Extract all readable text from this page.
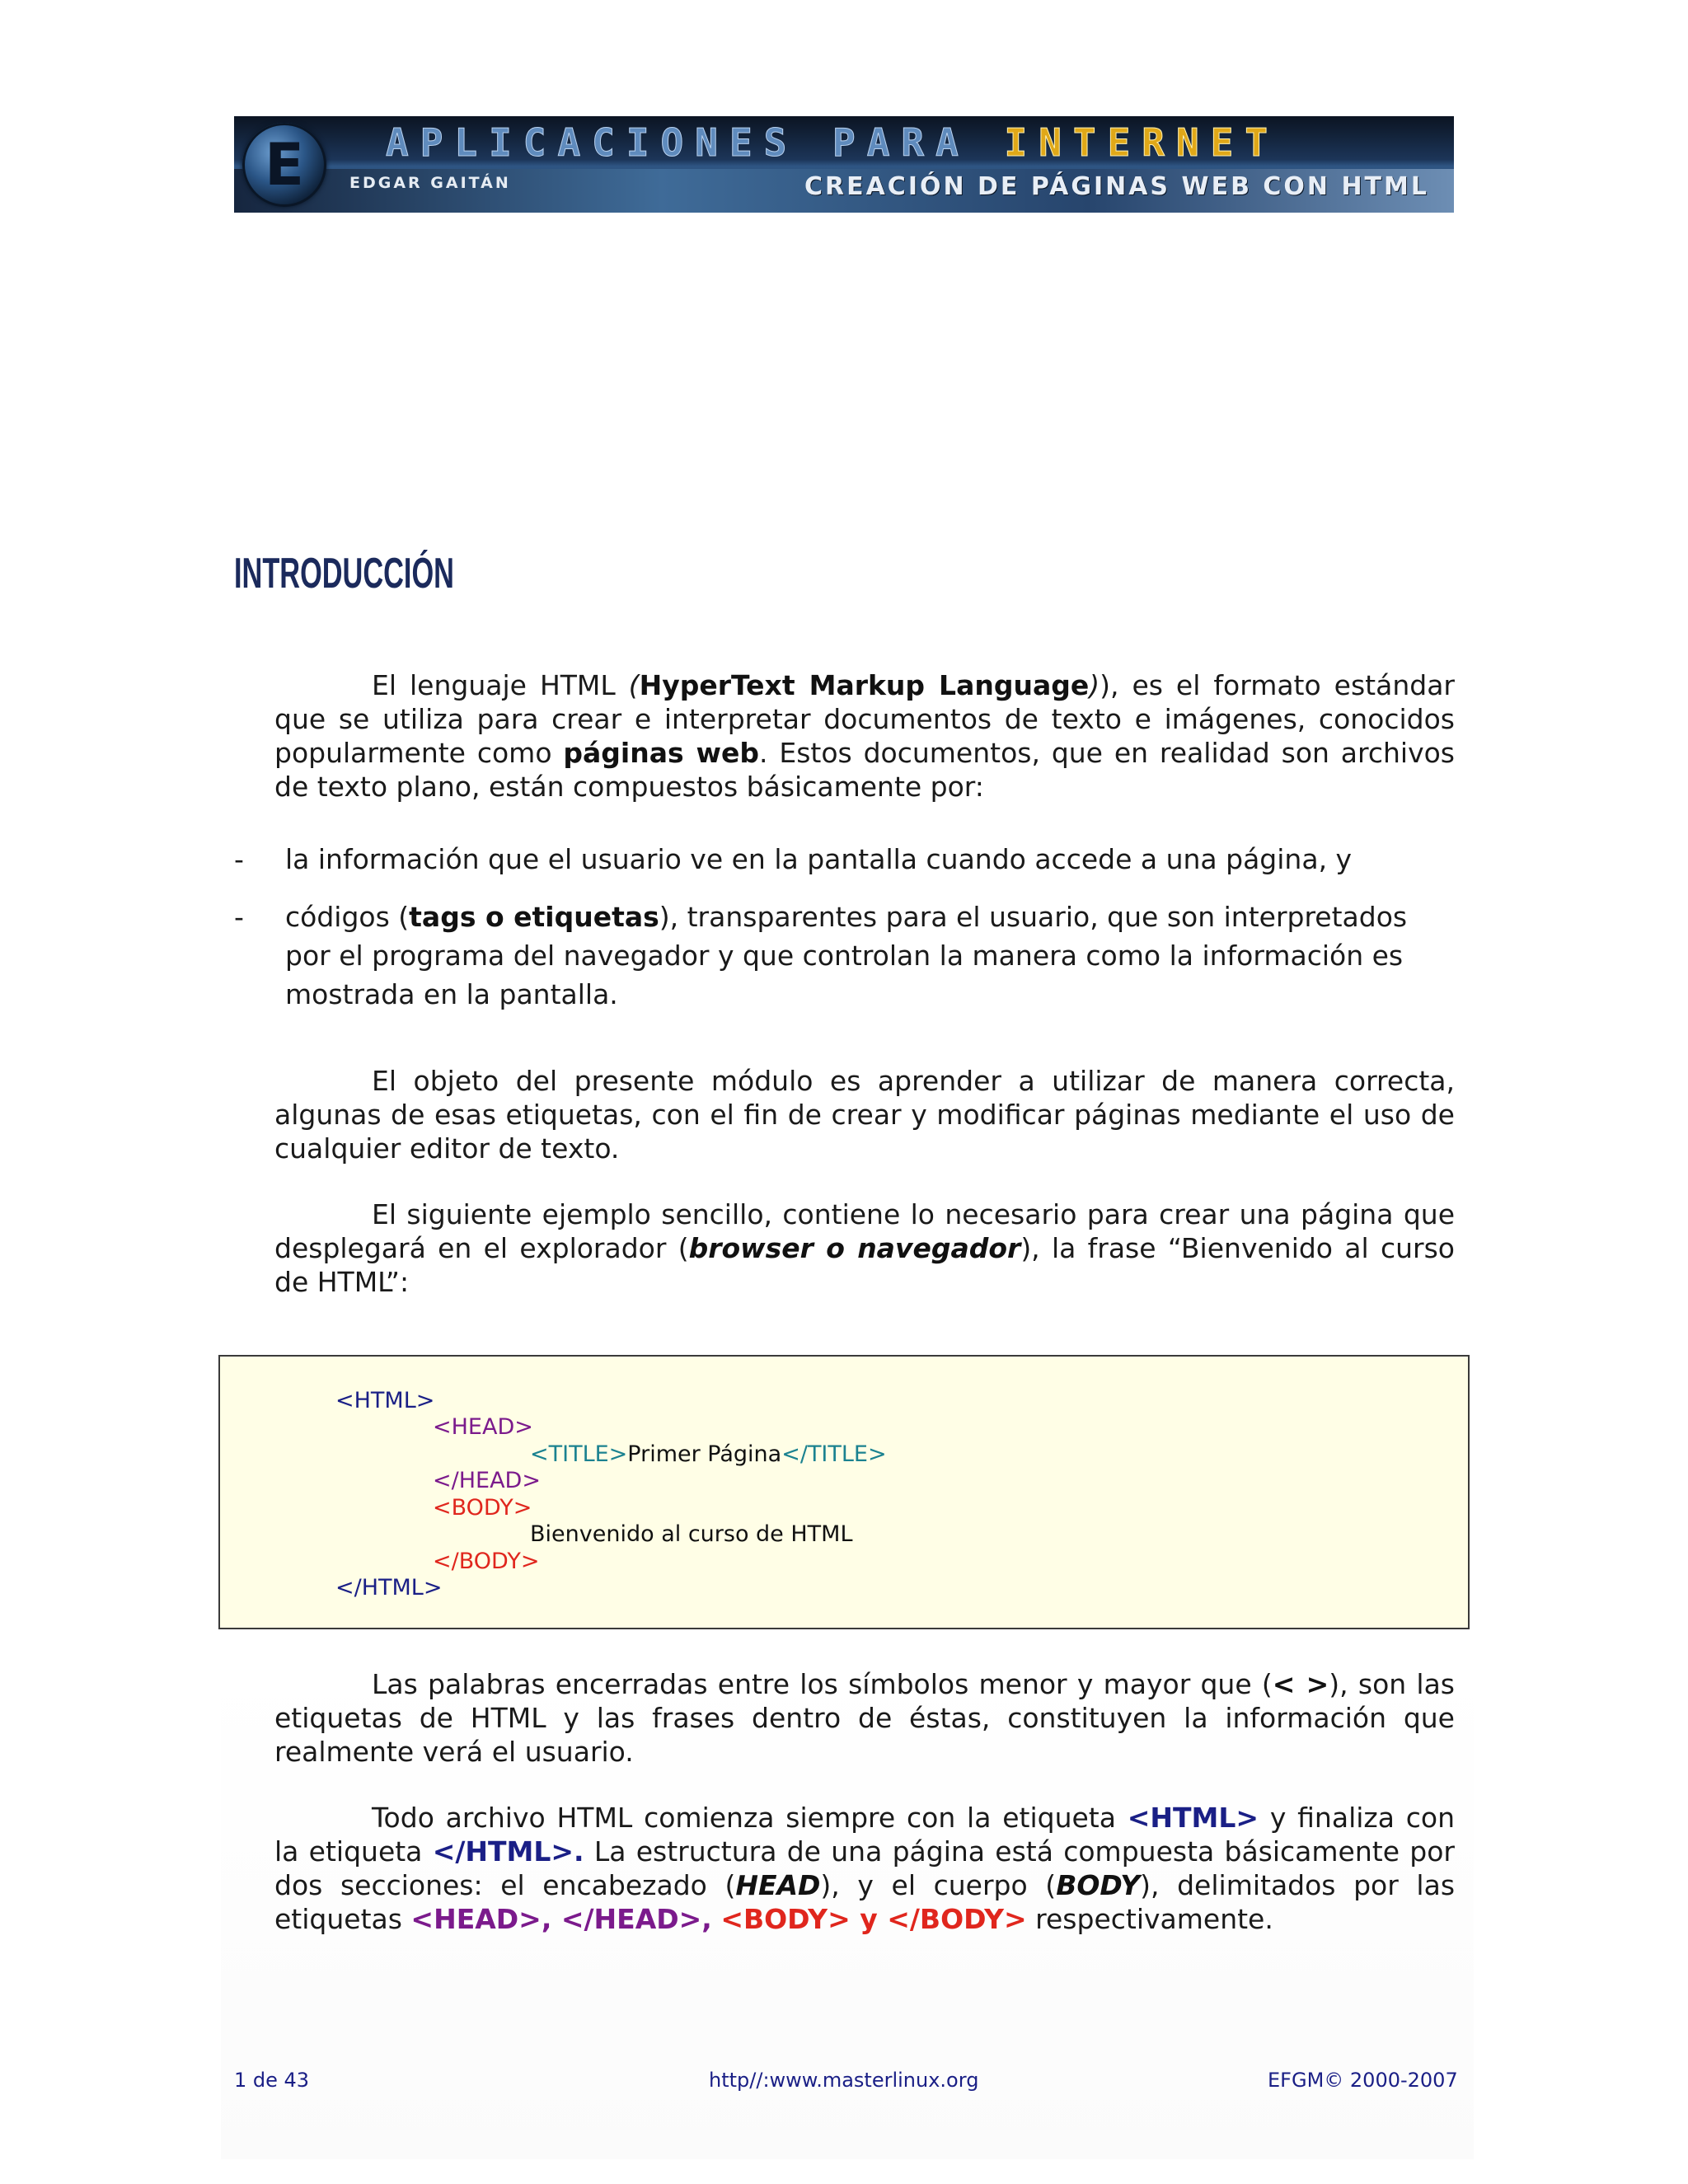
E	APLICACIONES PARA INTERNET
EDGAR GAITÁN	CREACIÓN DE PÁGINAS WEB CON HTML
INTRODUCCIÓN

El lenguaje HTML (HyperText Markup Language)), es el formato estándar que se utiliza para crear e interpretar documentos de texto e imágenes, conocidos popularmente como páginas web. Estos documentos, que en realidad son archivos de texto plano, están compuestos básicamente por:

- la información que el usuario ve en la pantalla cuando accede a una página, y
- códigos (tags o etiquetas), transparentes para el usuario, que son interpretados por el programa del navegador y que controlan la manera como la información es mostrada en la pantalla.

El objeto del presente módulo es aprender a utilizar de manera correcta, algunas de esas etiquetas, con el fin de crear y modificar páginas mediante el uso de cualquier editor de texto.

El siguiente ejemplo sencillo, contiene lo necesario para crear una página que desplegará en el explorador (browser o navegador), la frase “Bienvenido al curso de HTML”:

<HTML>
<HEAD>
<TITLE>Primer Página</TITLE>
</HEAD>
<BODY>
Bienvenido al curso de HTML
</BODY>
</HTML>

Las palabras encerradas entre los símbolos menor y mayor que (< >), son las etiquetas de HTML y las frases dentro de éstas, constituyen la información que realmente verá el usuario.

Todo archivo HTML comienza siempre con la etiqueta <HTML> y finaliza con la etiqueta </HTML>. La estructura de una página está compuesta básicamente por dos secciones: el encabezado (HEAD), y el cuerpo (BODY), delimitados por las etiquetas <HEAD>, </HEAD>, <BODY> y </BODY> respectivamente.

1 de 43	http//:www.masterlinux.org	EFGM© 2000-2007
